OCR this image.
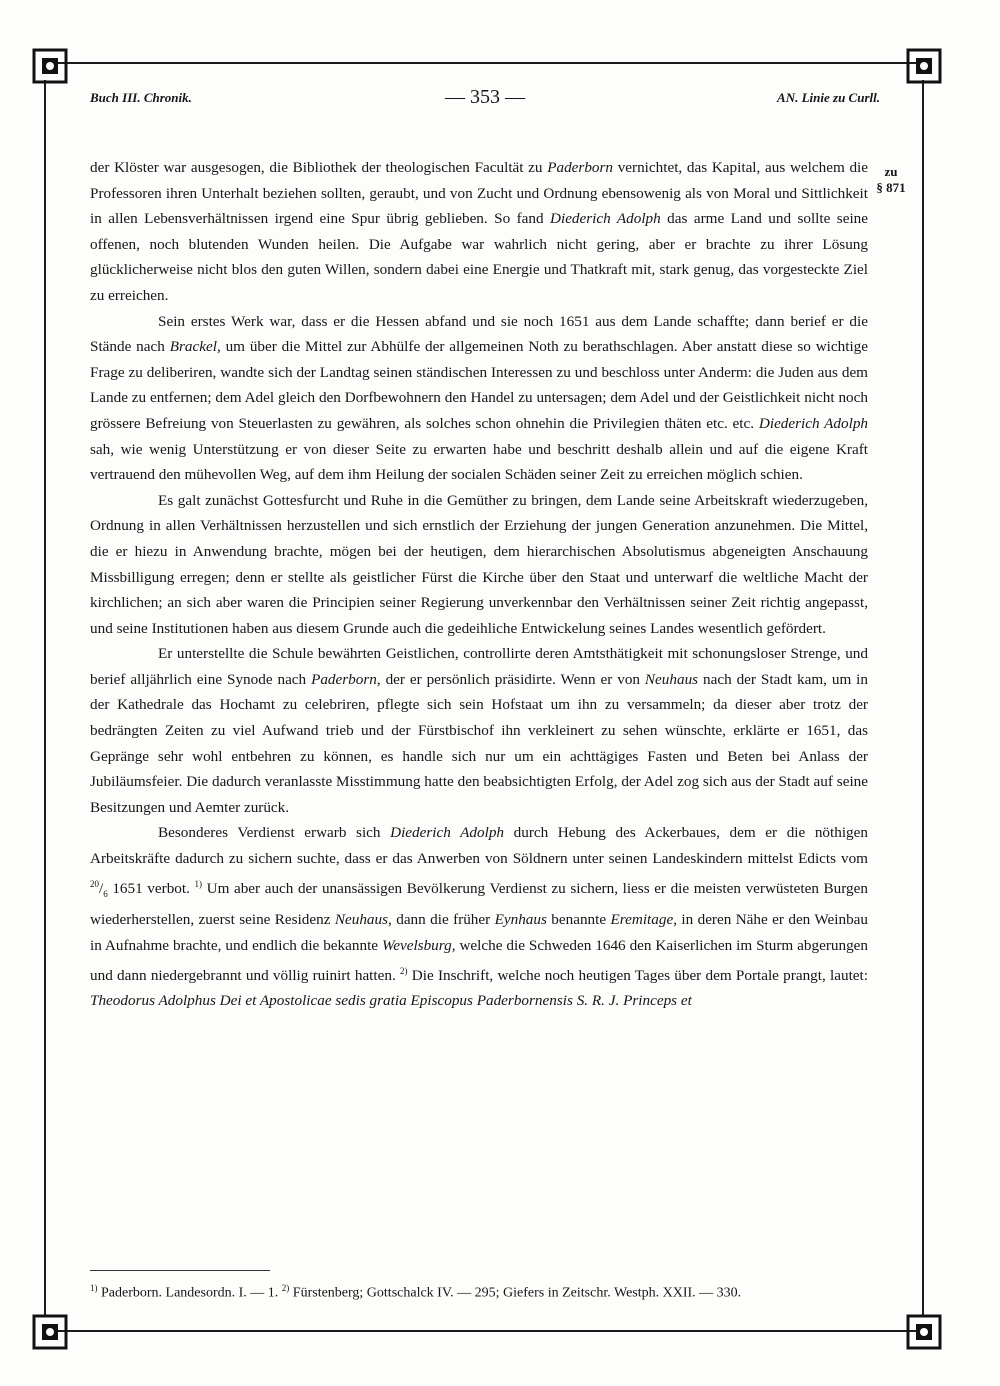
Buch III. Chronik.	— 353 —	AN. Linie zu Curll.
zu
§ 871

der Klöster war ausgesogen, die Bibliothek der theologischen Facultät zu Paderborn vernichtet, das Kapital, aus welchem die Professoren ihren Unterhalt beziehen sollten, geraubt, und von Zucht und Ordnung ebensowenig als von Moral und Sittlichkeit in allen Lebensverhältnissen irgend eine Spur übrig geblieben. So fand Diederich Adolph das arme Land und sollte seine offenen, noch blutenden Wunden heilen. Die Aufgabe war wahrlich nicht gering, aber er brachte zu ihrer Lösung glücklicherweise nicht blos den guten Willen, sondern dabei eine Energie und Thatkraft mit, stark genug, das vorgesteckte Ziel zu erreichen.

Sein erstes Werk war, dass er die Hessen abfand und sie noch 1651 aus dem Lande schaffte; dann berief er die Stände nach Brackel, um über die Mittel zur Abhülfe der allgemeinen Noth zu berathschlagen. Aber anstatt diese so wichtige Frage zu deliberiren, wandte sich der Landtag seinen ständischen Interessen zu und beschloss unter Anderm: die Juden aus dem Lande zu entfernen; dem Adel gleich den Dorfbewohnern den Handel zu untersagen; dem Adel und der Geistlichkeit nicht noch grössere Befreiung von Steuerlasten zu gewähren, als solches schon ohnehin die Privilegien thäten etc. etc. Diederich Adolph sah, wie wenig Unterstützung er von dieser Seite zu erwarten habe und beschritt deshalb allein und auf die eigene Kraft vertrauend den mühevollen Weg, auf dem ihm Heilung der socialen Schäden seiner Zeit zu erreichen möglich schien.

Es galt zunächst Gottesfurcht und Ruhe in die Gemüther zu bringen, dem Lande seine Arbeitskraft wiederzugeben, Ordnung in allen Verhältnissen herzustellen und sich ernstlich der Erziehung der jungen Generation anzunehmen. Die Mittel, die er hiezu in Anwendung brachte, mögen bei der heutigen, dem hierarchischen Absolutismus abgeneigten Anschauung Missbilligung erregen; denn er stellte als geistlicher Fürst die Kirche über den Staat und unterwarf die weltliche Macht der kirchlichen; an sich aber waren die Principien seiner Regierung unverkennbar den Verhältnissen seiner Zeit richtig angepasst, und seine Institutionen haben aus diesem Grunde auch die gedeihliche Entwickelung seines Landes wesentlich gefördert.

Er unterstellte die Schule bewährten Geistlichen, controllirte deren Amtsthätigkeit mit schonungsloser Strenge, und berief alljährlich eine Synode nach Paderborn, der er persönlich präsidirte. Wenn er von Neuhaus nach der Stadt kam, um in der Kathedrale das Hochamt zu celebriren, pflegte sich sein Hofstaat um ihn zu versammeln; da dieser aber trotz der bedrängten Zeiten zu viel Aufwand trieb und der Fürstbischof ihn verkleinert zu sehen wünschte, erklärte er 1651, das Gepränge sehr wohl entbehren zu können, es handle sich nur um ein achttägiges Fasten und Beten bei Anlass der Jubiläumsfeier. Die dadurch veranlasste Misstimmung hatte den beabsichtigten Erfolg, der Adel zog sich aus der Stadt auf seine Besitzungen und Aemter zurück.

Besonderes Verdienst erwarb sich Diederich Adolph durch Hebung des Ackerbaues, dem er die nöthigen Arbeitskräfte dadurch zu sichern suchte, dass er das Anwerben von Söldnern unter seinen Landeskindern mittelst Edicts vom $^{20}/_6$ 1651 verbot. $^{1)}$ Um aber auch der unansässigen Bevölkerung Verdienst zu sichern, liess er die meisten verwüsteten Burgen wiederherstellen, zuerst seine Residenz Neuhaus, dann die früher Eynhaus benannte Eremitage, in deren Nähe er den Weinbau in Aufnahme brachte, und endlich die bekannte Wevelsburg, welche die Schweden 1646 den Kaiserlichen im Sturm abgerungen und dann niedergebrannt und völlig ruinirt hatten. $^{2)}$ Die Inschrift, welche noch heutigen Tages über dem Portale prangt, lautet: Theodorus Adolphus Dei et Apostolicae sedis gratia Episcopus Paderbornensis S. R. J. Princeps et

$^{1)}$ Paderborn. Landesordn. I. — 1. $^{2)}$ Fürstenberg; Gottschalck IV. — 295; Giefers in Zeitschr. Westph. XXII. — 330.
